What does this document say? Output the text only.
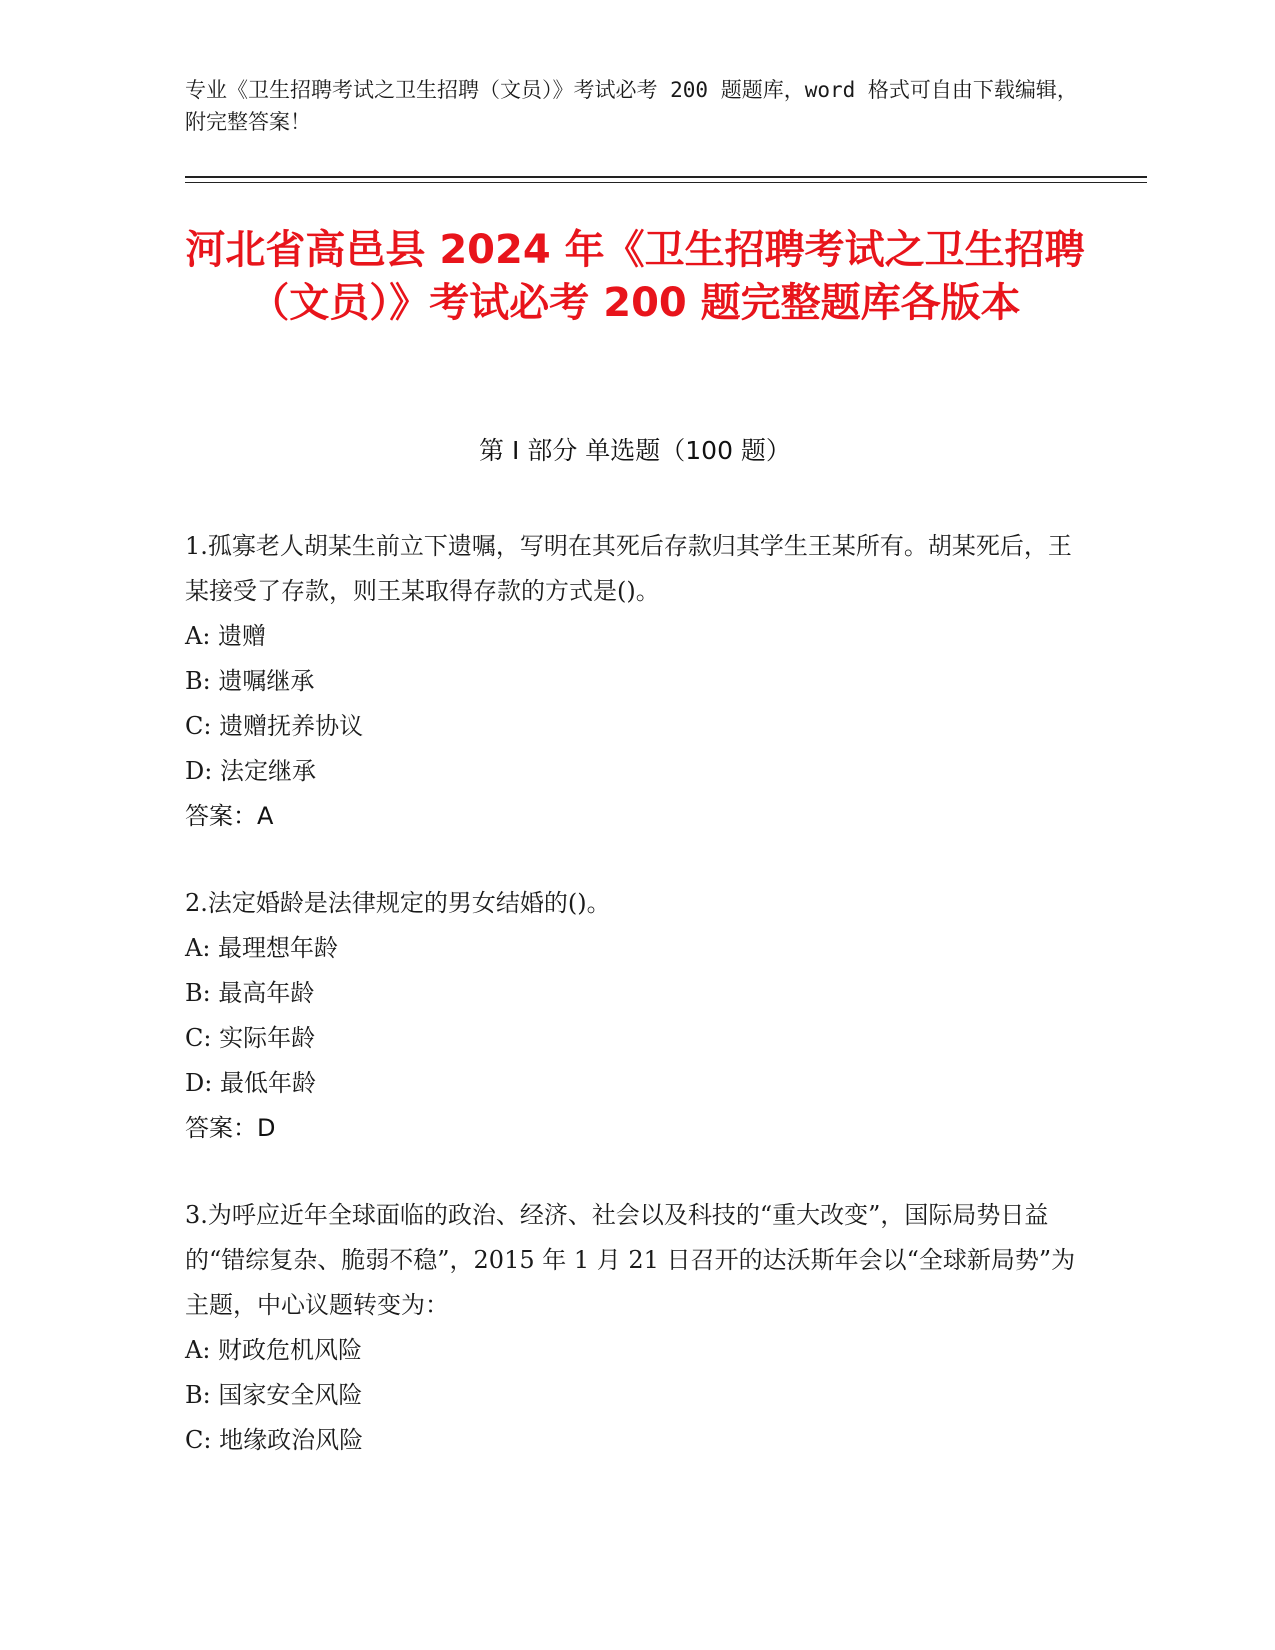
专业《卫生招聘考试之卫生招聘（文员）》考试必考 200 题题库，word 格式可自由下载编辑，附完整答案！
河北省高邑县 2024 年《卫生招聘考试之卫生招聘（文员）》考试必考 200 题完整题库各版本
第 I 部分 单选题（100 题）

1.孤寡老人胡某生前立下遗嘱，写明在其死后存款归其学生王某所有。胡某死后，王某接受了存款，则王某取得存款的方式是()。

A: 遗赠

B: 遗嘱继承

C: 遗赠抚养协议

D: 法定继承

答案：A

2.法定婚龄是法律规定的男女结婚的()。

A: 最理想年龄

B: 最高年龄

C: 实际年龄

D: 最低年龄

答案：D

3.为呼应近年全球面临的政治、经济、社会以及科技的“重大改变”，国际局势日益的“错综复杂、脆弱不稳”，2015 年 1 月 21 日召开的达沃斯年会以“全球新局势”为主题，中心议题转变为：

A: 财政危机风险

B: 国家安全风险

C: 地缘政治风险
